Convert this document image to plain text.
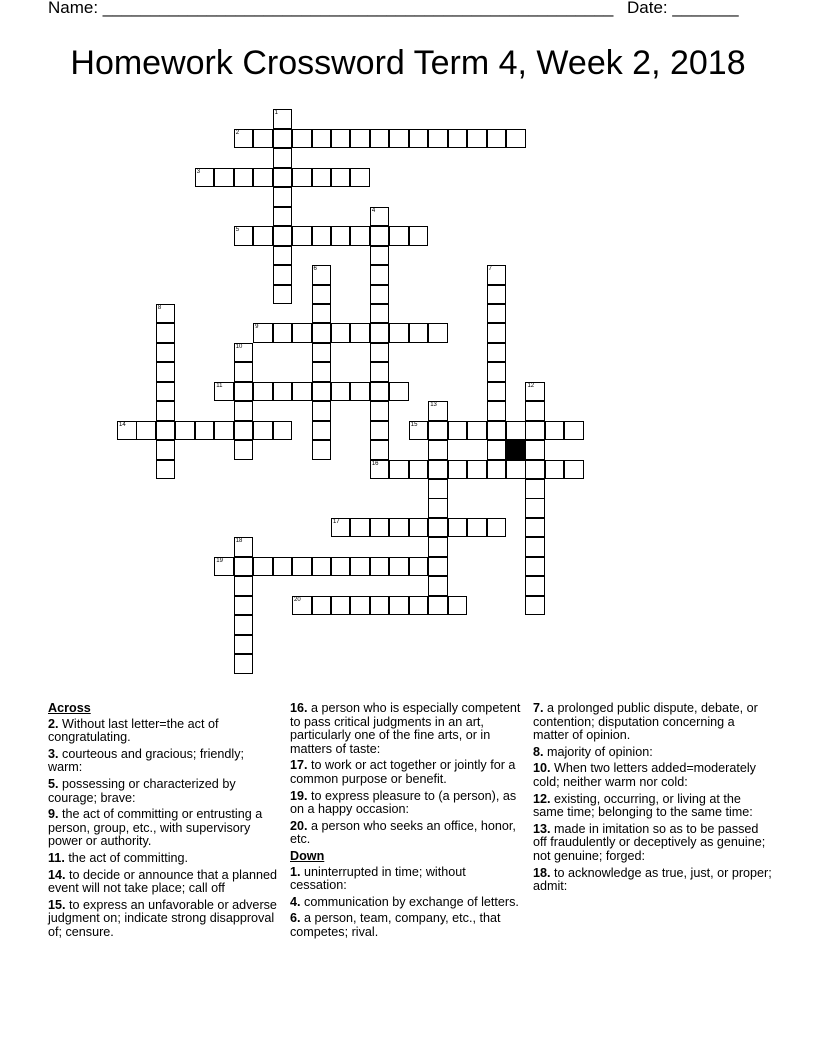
Name: ______________________________________________________ Date: _______
Homework Crossword Term 4, Week 2, 2018
2
3
5
9
11
14	15
16
17
19
20
1
4
6	7
8
10
12
13
18
Across
2. Without last letter=the act of congratulating.
3. courteous and gracious; friendly; warm:
5. possessing or characterized by courage; brave:
9. the act of committing or entrusting a person, group, etc., with supervisory power or authority.
11. the act of committing.
14. to decide or announce that a planned event will not take place; call off
15. to express an unfavorable or adverse judgment on; indicate strong disapproval of; censure.
16. a person who is especially competent to pass critical judgments in an art, particularly one of the fine arts, or in matters of taste:
17. to work or act together or jointly for a common purpose or benefit.
19. to express pleasure to (a person), as on a happy occasion:
20. a person who seeks an office, honor, etc.
Down
1. uninterrupted in time; without cessation:
4. communication by exchange of letters.
6. a person, team, company, etc., that competes; rival.
7. a prolonged public dispute, debate, or contention; disputation concerning a matter of opinion.
8. majority of opinion:
10. When two letters added=moderately cold; neither warm nor cold:
12. existing, occurring, or living at the same time; belonging to the same time:
13. made in imitation so as to be passed off fraudulently or deceptively as genuine; not genuine; forged:
18. to acknowledge as true, just, or proper; admit:
